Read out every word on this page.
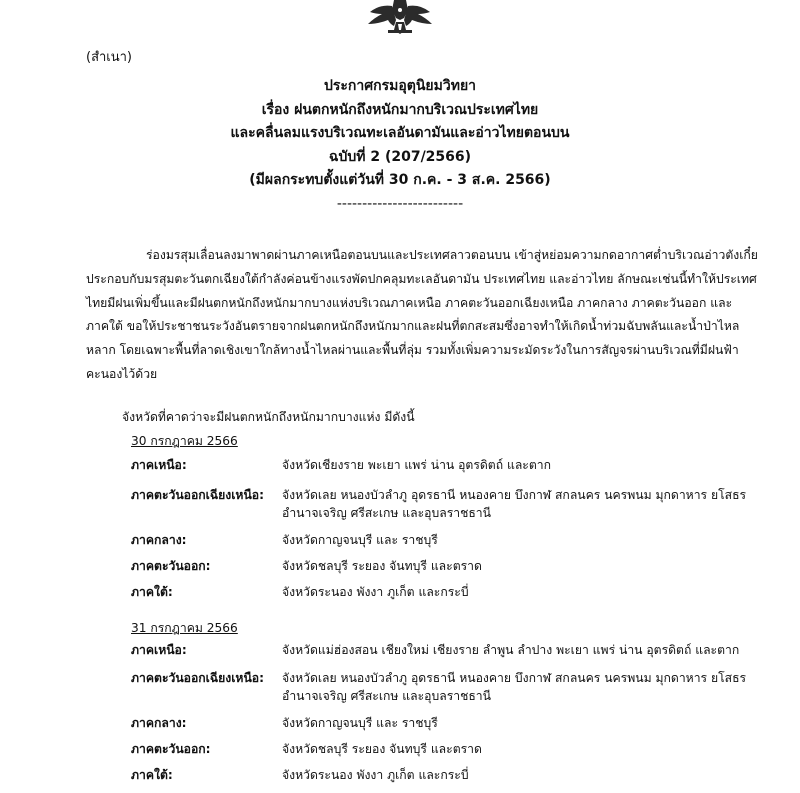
(สำเนา)
ประกาศกรมอุตุนิยมวิทยา
เรื่อง ฝนตกหนักถึงหนักมากบริเวณประเทศไทย
และคลื่นลมแรงบริเวณทะเลอันดามันและอ่าวไทยตอนบน
ฉบับที่ 2 (207/2566)
(มีผลกระทบตั้งแต่วันที่ 30 ก.ค. - 3 ส.ค. 2566)
-------------------------
ร่องมรสุมเลื่อนลงมาพาดผ่านภาคเหนือตอนบนและประเทศลาวตอนบน เข้าสู่หย่อมความกดอากาศต่ำบริเวณอ่าวตังเกี๋ย
ประกอบกับมรสุมตะวันตกเฉียงใต้กำลังค่อนข้างแรงพัดปกคลุมทะเลอันดามัน ประเทศไทย และอ่าวไทย ลักษณะเช่นนี้ทำให้ประเทศ
ไทยมีฝนเพิ่มขึ้นและมีฝนตกหนักถึงหนักมากบางแห่งบริเวณภาคเหนือ ภาคตะวันออกเฉียงเหนือ ภาคกลาง ภาคตะวันออก และ
ภาคใต้ ขอให้ประชาชนระวังอันตรายจากฝนตกหนักถึงหนักมากและฝนที่ตกสะสมซึ่งอาจทำให้เกิดน้ำท่วมฉับพลันและน้ำป่าไหล
หลาก โดยเฉพาะพื้นที่ลาดเชิงเขาใกล้ทางน้ำไหลผ่านและพื้นที่ลุ่ม รวมทั้งเพิ่มความระมัดระวังในการสัญจรผ่านบริเวณที่มีฝนฟ้า
คะนองไว้ด้วย
จังหวัดที่คาดว่าจะมีฝนตกหนักถึงหนักมากบางแห่ง มีดังนี้
30 กรกฎาคม 2566
ภาคเหนือ:	จังหวัดเชียงราย พะเยา แพร่ น่าน อุตรดิตถ์ และตาก
ภาคตะวันออกเฉียงเหนือ: จังหวัดเลย หนองบัวลำภู อุดรธานี หนองคาย บึงกาฬ สกลนคร นครพนม มุกดาหาร ยโสธร
อำนาจเจริญ ศรีสะเกษ และอุบลราชธานี
ภาคกลาง:	จังหวัดกาญจนบุรี และ ราชบุรี
ภาคตะวันออก:	จังหวัดชลบุรี ระยอง จันทบุรี และตราด
ภาคใต้:	จังหวัดระนอง พังงา ภูเก็ต และกระบี่
31 กรกฎาคม 2566
ภาคเหนือ:	จังหวัดแม่ฮ่องสอน เชียงใหม่ เชียงราย ลำพูน ลำปาง พะเยา แพร่ น่าน อุตรดิตถ์ และตาก
ภาคตะวันออกเฉียงเหนือ: จังหวัดเลย หนองบัวลำภู อุดรธานี หนองคาย บึงกาฬ สกลนคร นครพนม มุกดาหาร ยโสธร
อำนาจเจริญ ศรีสะเกษ และอุบลราชธานี
ภาคกลาง:	จังหวัดกาญจนบุรี และ ราชบุรี
ภาคตะวันออก:	จังหวัดชลบุรี ระยอง จันทบุรี และตราด
ภาคใต้:	จังหวัดระนอง พังงา ภูเก็ต และกระบี่
